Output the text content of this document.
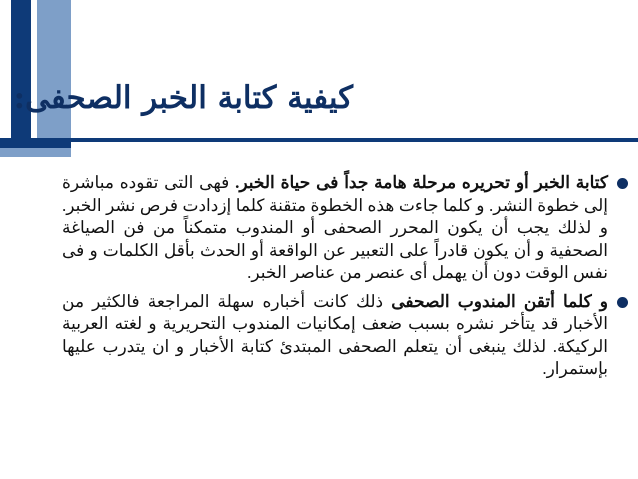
كيفية كتابة الخبر الصحفى:
كتابة الخبر أو تحريره مرحلة هامة جداً فى حياة الخبر. فهى التى تقوده مباشرة إلى خطوة النشر. و كلما جاءت هذه الخطوة متقنة كلما إزدادت فرص نشر الخبر. و لذلك يجب أن يكون المحرر الصحفى أو المندوب متمكناً من فن الصياغة الصحفية و أن يكون قادراً على التعبير عن الواقعة أو الحدث بأقل الكلمات و فى نفس الوقت دون أن يهمل أى عنصر من عناصر الخبر.
و كلما أتقن المندوب الصحفى ذلك كانت أخباره سهلة المراجعة فالكثير من الأخبار قد يتأخر نشره بسبب ضعف إمكانيات المندوب التحريرية و لغته العربية الركيكة. لذلك ينبغى أن يتعلم الصحفى المبتدئ كتابة الأخبار و ان يتدرب عليها بإستمرار.
